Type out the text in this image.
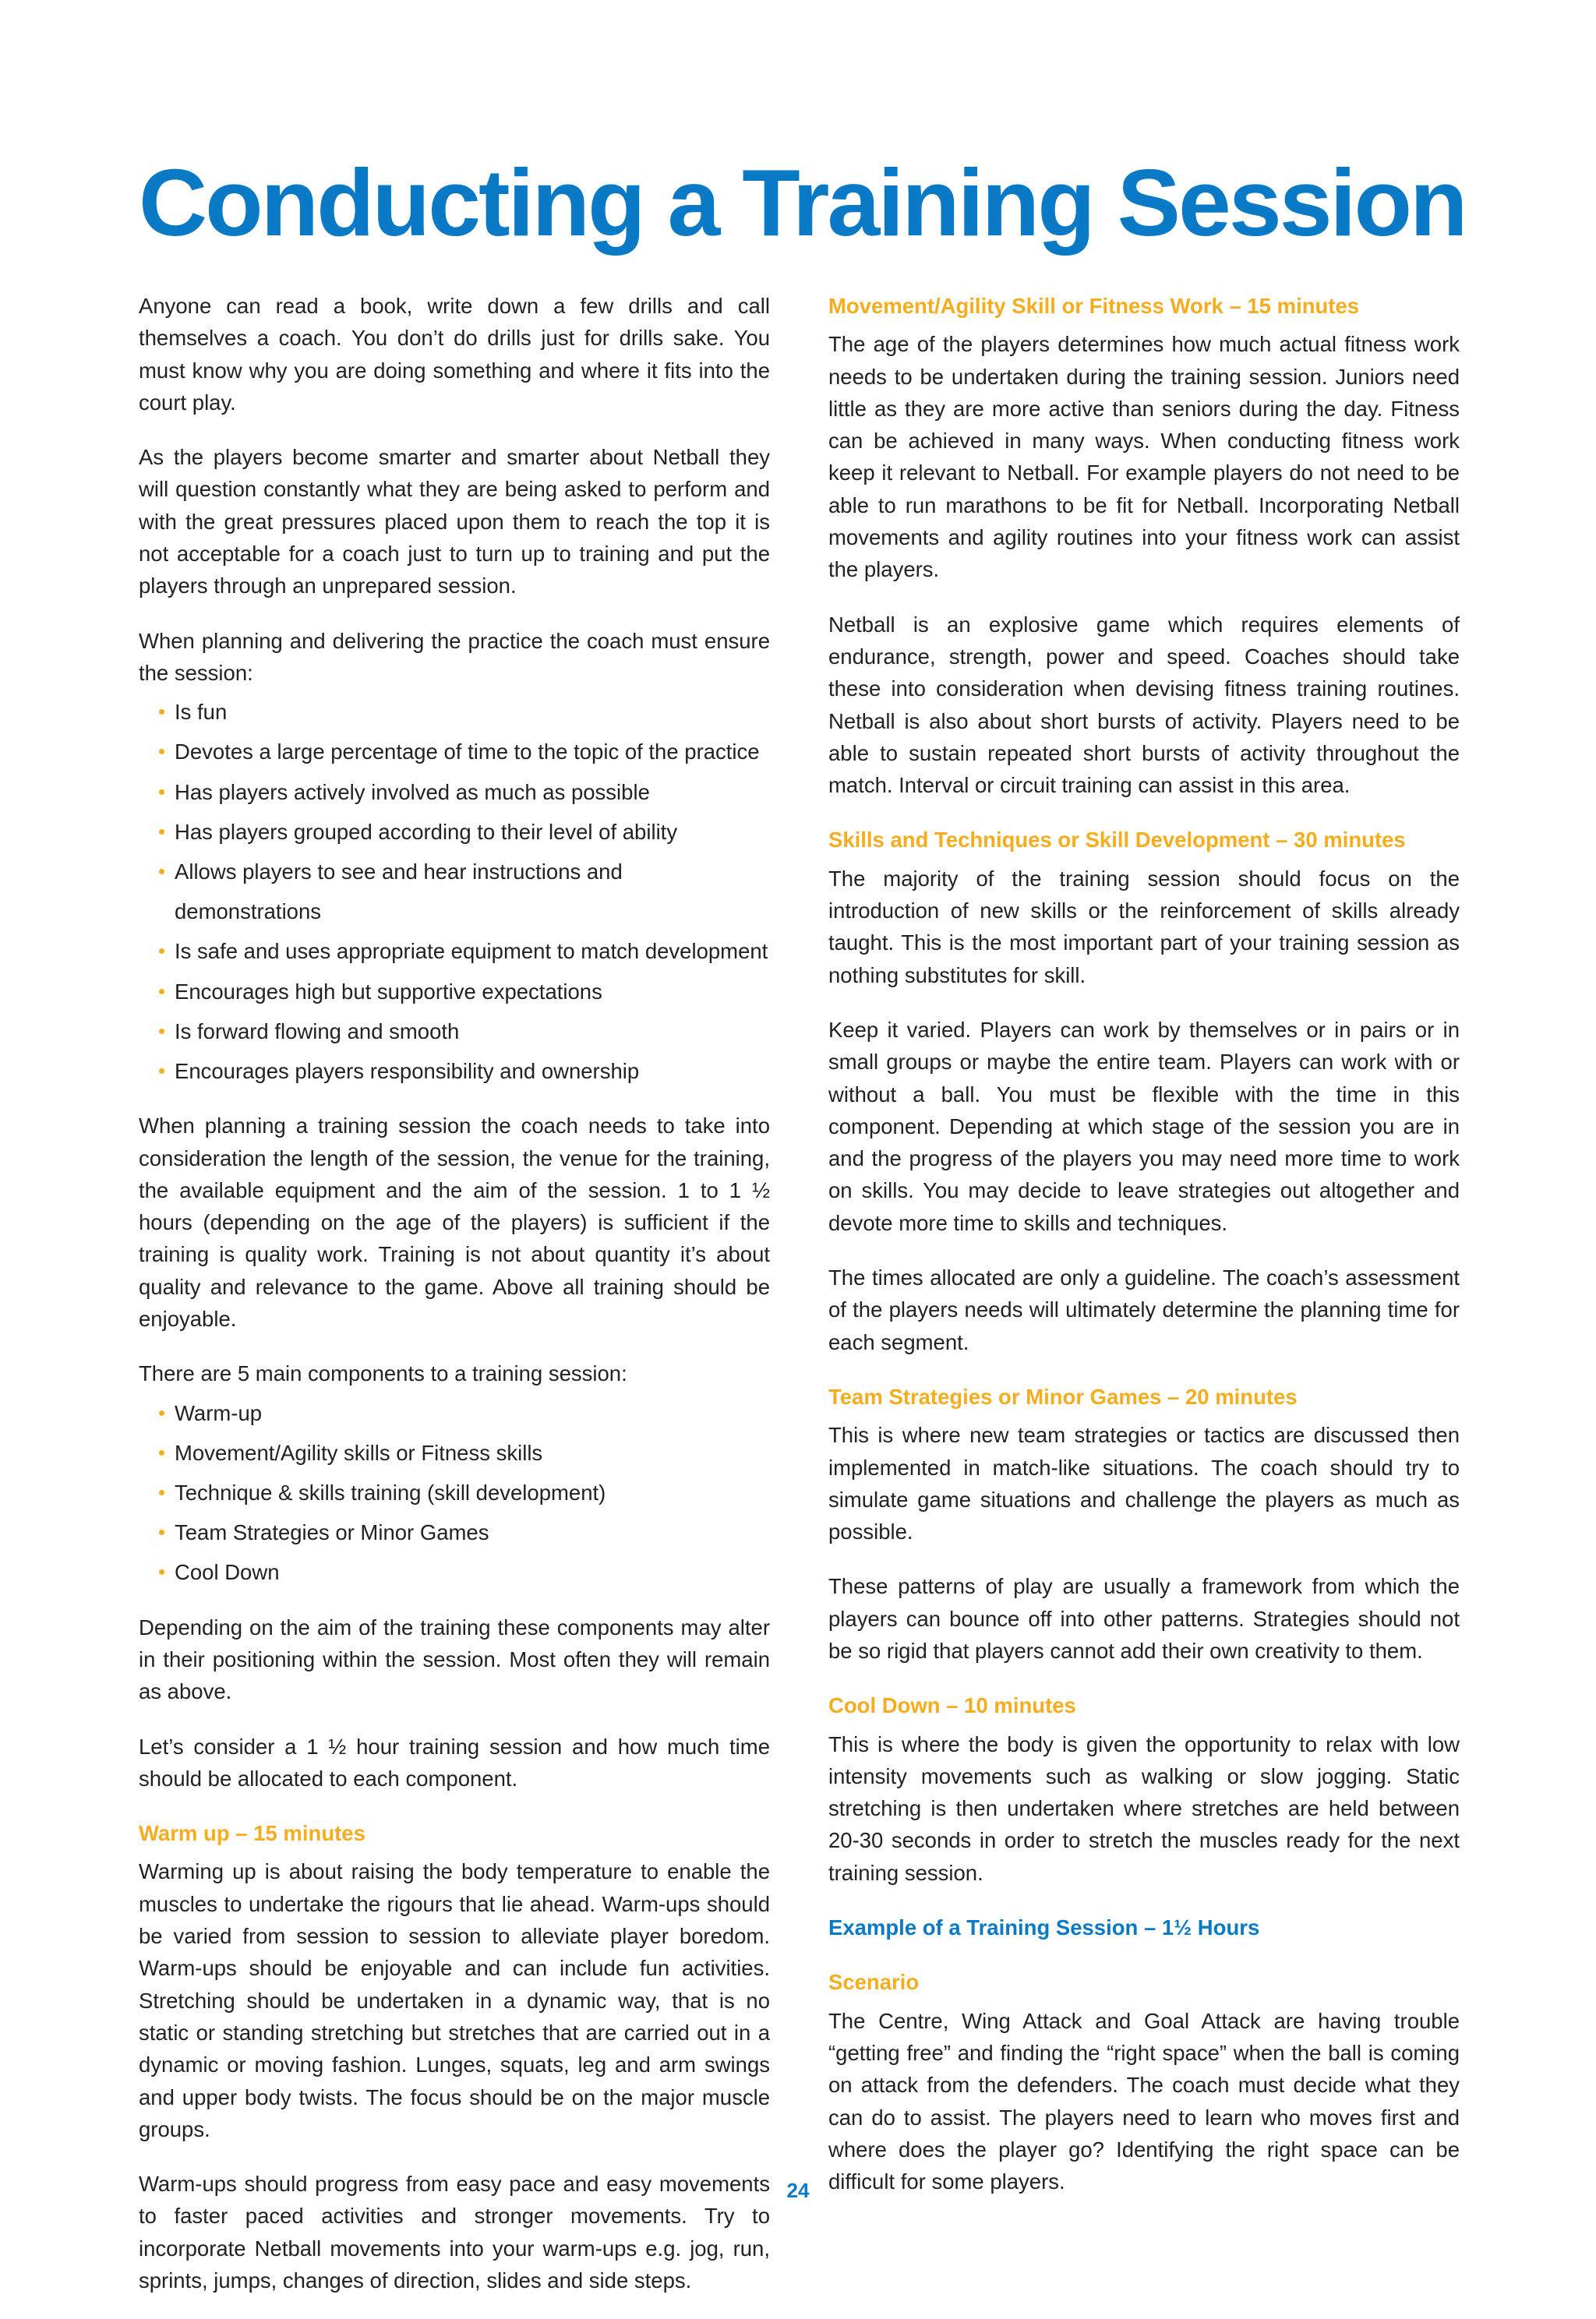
Conducting a Training Session

Anyone can read a book, write down a few drills and call themselves a coach. You don’t do drills just for drills sake. You must know why you are doing something and where it fits into the court play.

As the players become smarter and smarter about Netball they will question constantly what they are being asked to perform and with the great pressures placed upon them to reach the top it is not acceptable for a coach just to turn up to training and put the players through an unprepared session.

When planning and delivering the practice the coach must ensure the session:

Is fun
Devotes a large percentage of time to the topic of the practice
Has players actively involved as much as possible
Has players grouped according to their level of ability
Allows players to see and hear instructions and demonstrations
Is safe and uses appropriate equipment to match development
Encourages high but supportive expectations
Is forward flowing and smooth
Encourages players responsibility and ownership

When planning a training session the coach needs to take into consideration the length of the session, the venue for the training, the available equipment and the aim of the session. 1 to 1 ½ hours (depending on the age of the players) is sufficient if the training is quality work. Training is not about quantity it’s about quality and relevance to the game. Above all training should be enjoyable.

There are 5 main components to a training session:

Warm-up
Movement/Agility skills or Fitness skills
Technique & skills training (skill development)
Team Strategies or Minor Games
Cool Down

Depending on the aim of the training these components may alter in their positioning within the session. Most often they will remain as above.

Let’s consider a 1 ½ hour training session and how much time should be allocated to each component.

Warm up – 15 minutes

Warming up is about raising the body temperature to enable the muscles to undertake the rigours that lie ahead. Warm-ups should be varied from session to session to alleviate player boredom. Warm-ups should be enjoyable and can include fun activities. Stretching should be undertaken in a dynamic way, that is no static or standing stretching but stretches that are carried out in a dynamic or moving fashion. Lunges, squats, leg and arm swings and upper body twists. The focus should be on the major muscle groups.

Warm-ups should progress from easy pace and easy movements to faster paced activities and stronger movements. Try to incorporate Netball movements into your warm-ups e.g. jog, run, sprints, jumps, changes of direction, slides and side steps.

Movement/Agility Skill or Fitness Work – 15 minutes

The age of the players determines how much actual fitness work needs to be undertaken during the training session. Juniors need little as they are more active than seniors during the day. Fitness can be achieved in many ways. When conducting fitness work keep it relevant to Netball. For example players do not need to be able to run marathons to be fit for Netball. Incorporating Netball movements and agility routines into your fitness work can assist the players.

Netball is an explosive game which requires elements of endurance, strength, power and speed. Coaches should take these into consideration when devising fitness training routines. Netball is also about short bursts of activity. Players need to be able to sustain repeated short bursts of activity throughout the match. Interval or circuit training can assist in this area.

Skills and Techniques or Skill Development – 30 minutes

The majority of the training session should focus on the introduction of new skills or the reinforcement of skills already taught. This is the most important part of your training session as nothing substitutes for skill.

Keep it varied. Players can work by themselves or in pairs or in small groups or maybe the entire team. Players can work with or without a ball. You must be flexible with the time in this component. Depending at which stage of the session you are in and the progress of the players you may need more time to work on skills. You may decide to leave strategies out altogether and devote more time to skills and techniques.

The times allocated are only a guideline. The coach’s assessment of the players needs will ultimately determine the planning time for each segment.

Team Strategies or Minor Games – 20 minutes

This is where new team strategies or tactics are discussed then implemented in match-like situations. The coach should try to simulate game situations and challenge the players as much as possible.

These patterns of play are usually a framework from which the players can bounce off into other patterns. Strategies should not be so rigid that players cannot add their own creativity to them.

Cool Down – 10 minutes

This is where the body is given the opportunity to relax with low intensity movements such as walking or slow jogging. Static stretching is then undertaken where stretches are held between 20-30 seconds in order to stretch the muscles ready for the next training session.

Example of a Training Session – 1½ Hours
Scenario

The Centre, Wing Attack and Goal Attack are having trouble “getting free” and finding the “right space” when the ball is coming on attack from the defenders. The coach must decide what they can do to assist. The players need to learn who moves first and where does the player go? Identifying the right space can be difficult for some players.

24
